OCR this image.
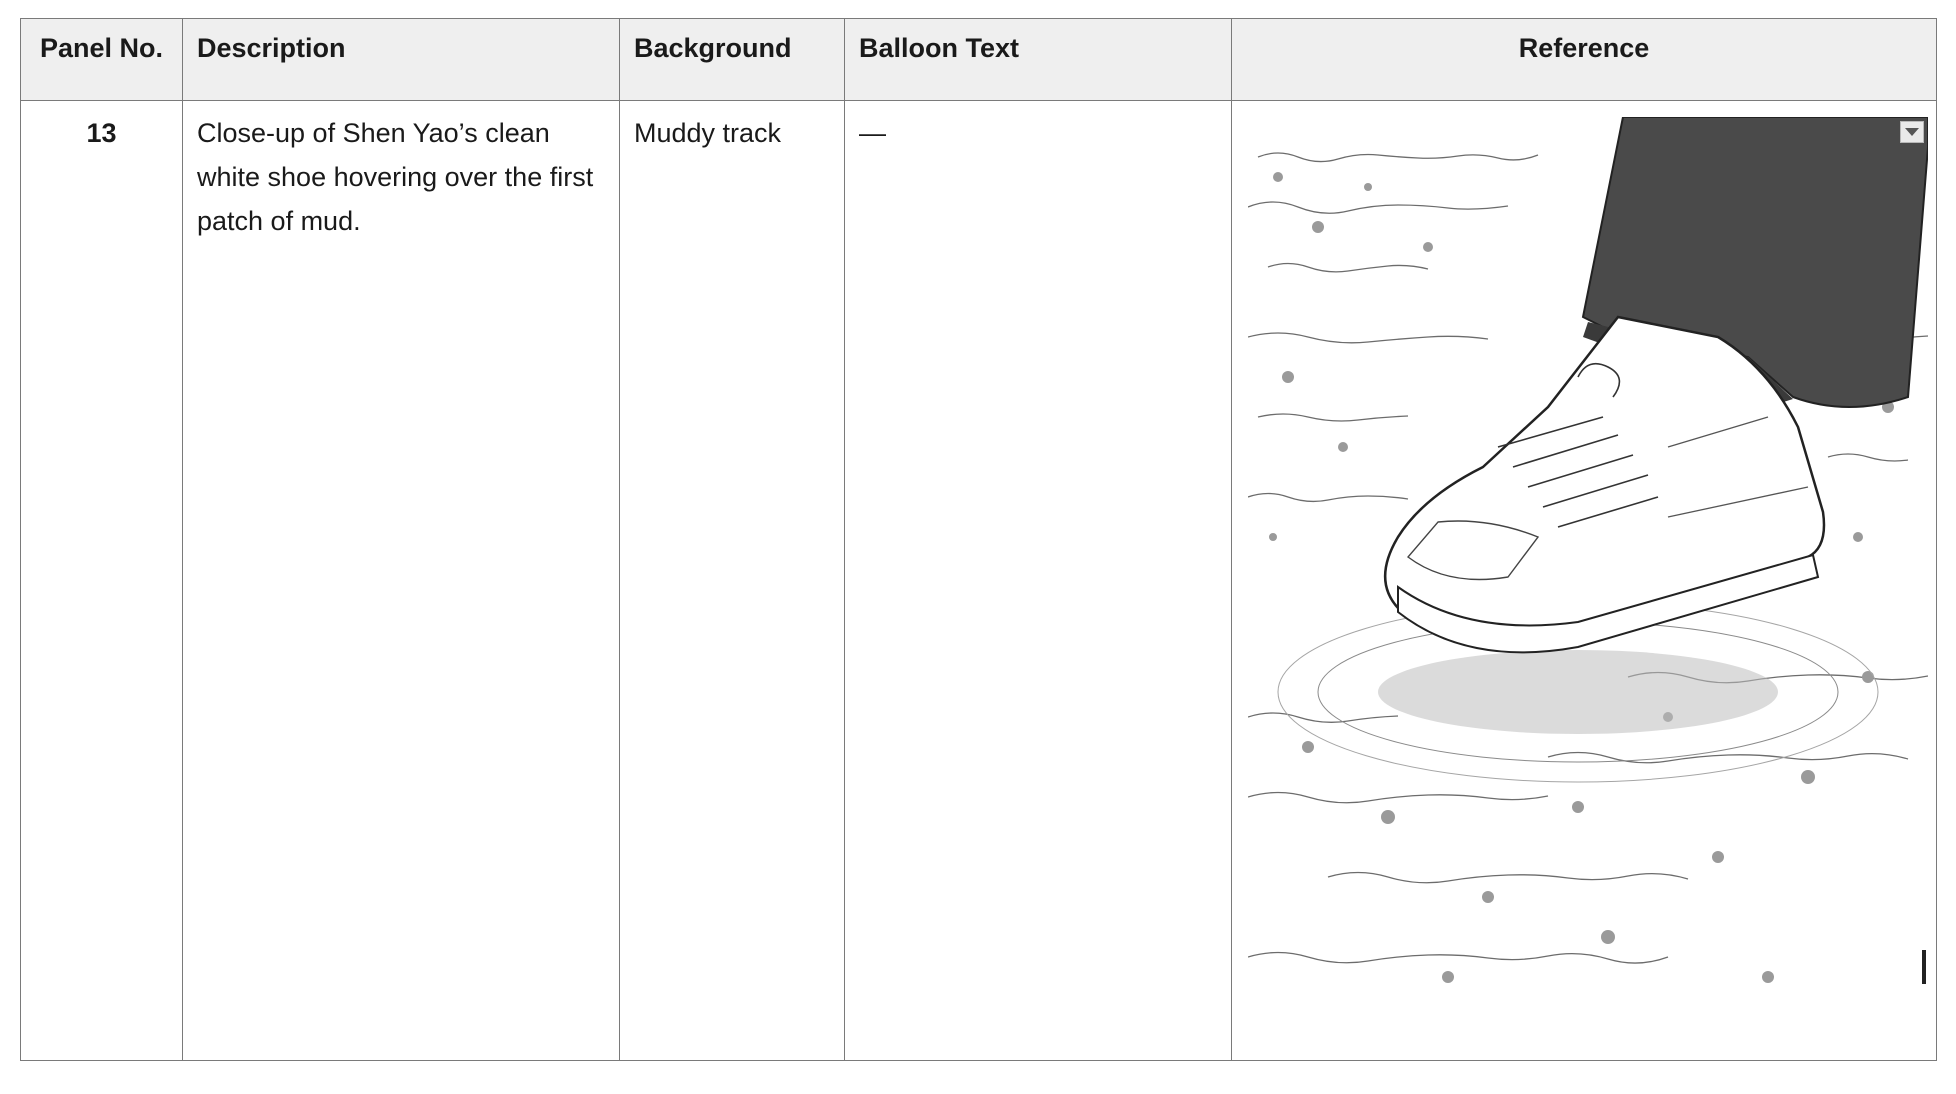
Panel No.	Description	Background	Balloon Text	Reference
13	Close-up of Shen Yao’s clean white shoe hovering over the first patch of mud.	Muddy track	—	
